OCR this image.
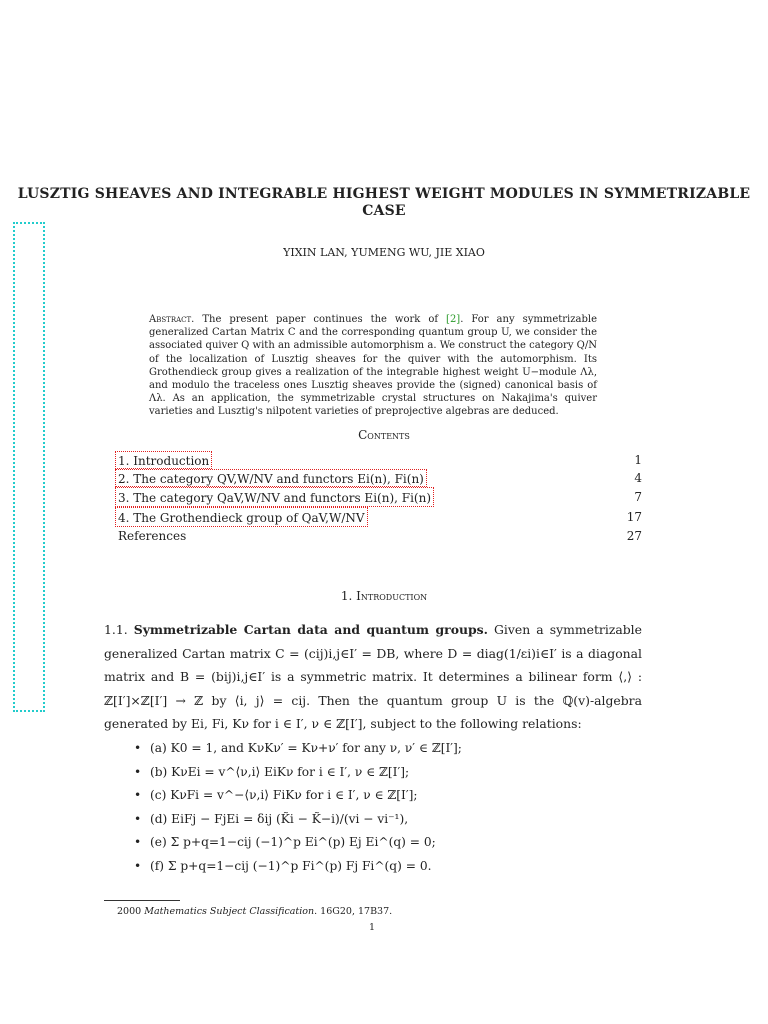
LUSZTIG SHEAVES AND INTEGRABLE HIGHEST WEIGHT MODULES IN SYMMETRIZABLE CASE
YIXIN LAN, YUMENG WU, JIE XIAO
Abstract. The present paper continues the work of [2]. For any symmetrizable generalized Cartan Matrix C and the corresponding quantum group U, we consider the associated quiver Q with an admissible automorphism a. We construct the category Q/N of the localization of Lusztig sheaves for the quiver with the automorphism. Its Grothendieck group gives a realization of the integrable highest weight U−module Λλ, and modulo the traceless ones Lusztig sheaves provide the (signed) canonical basis of Λλ. As an application, the symmetrizable crystal structures on Nakajima's quiver varieties and Lusztig's nilpotent varieties of preprojective algebras are deduced.
Contents
1. Introduction	1
2. The category QV,W/NV and functors Ei(n), Fi(n)	4
3. The category QaV,W/NV and functors Ei(n), Fi(n)	7
4. The Grothendieck group of QaV,W/NV	17
References	27
1. Introduction
1.1. Symmetrizable Cartan data and quantum groups. Given a symmetrizable generalized Cartan matrix C = (cij)i,j∈I′ = DB, where D = diag(1/εi)i∈I′ is a diagonal matrix and B = (bij)i,j∈I′ is a symmetric matrix. It determines a bilinear form ⟨,⟩ : ℤ[I′]×ℤ[I′] → ℤ by ⟨i, j⟩ = cij. Then the quantum group U is the ℚ(v)-algebra generated by Ei, Fi, Kν for i ∈ I′, ν ∈ ℤ[I′], subject to the following relations:
• (a) K0 = 1, and KνKν′ = Kν+ν′ for any ν, ν′ ∈ ℤ[I′];
• (b) KνEi = v^⟨ν,i⟩ EiKν for i ∈ I′, ν ∈ ℤ[I′];
• (c) KνFi = v^−⟨ν,i⟩ FiKν for i ∈ I′, ν ∈ ℤ[I′];
• (d) EiFj − FjEi = δij (K̃i − K̃−i)/(vi − vi⁻¹),
• (e) Σ p+q=1−cij (−1)^p Ei^(p) Ej Ei^(q) = 0;
• (f) Σ p+q=1−cij (−1)^p Fi^(p) Fj Fi^(q) = 0.
2000 Mathematics Subject Classification. 16G20, 17B37.
1
